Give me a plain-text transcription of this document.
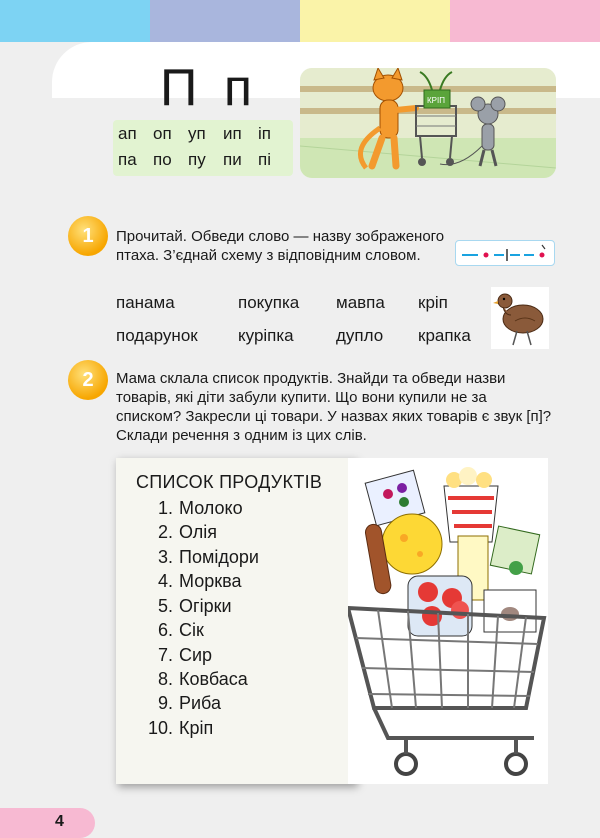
П п
ап оп уп	ип іп
па по пу	пи пі
КРІП
1	Прочитай. Обведи слово — назву зображеного птаха. З’єднай схему з відповідним словом.
панама	покупка мавпа кріп
подарунок курiпка дупло крапка
2	Мама склала список продуктів. Знайди та обведи назви товарів, які діти забули купити. Що вони купили не за списком? Закресли ці товари. У назвах яких товарів є звук [п]? Склади речення з одним із цих слів.
СПИСОК ПРОДУКТІВ
1. Молоко
2. Олія
3. Помідори
4. Морква
5. Огірки
6. Сік
7. Сир
8. Ковбаса
9. Риба
10. Кріп
4
